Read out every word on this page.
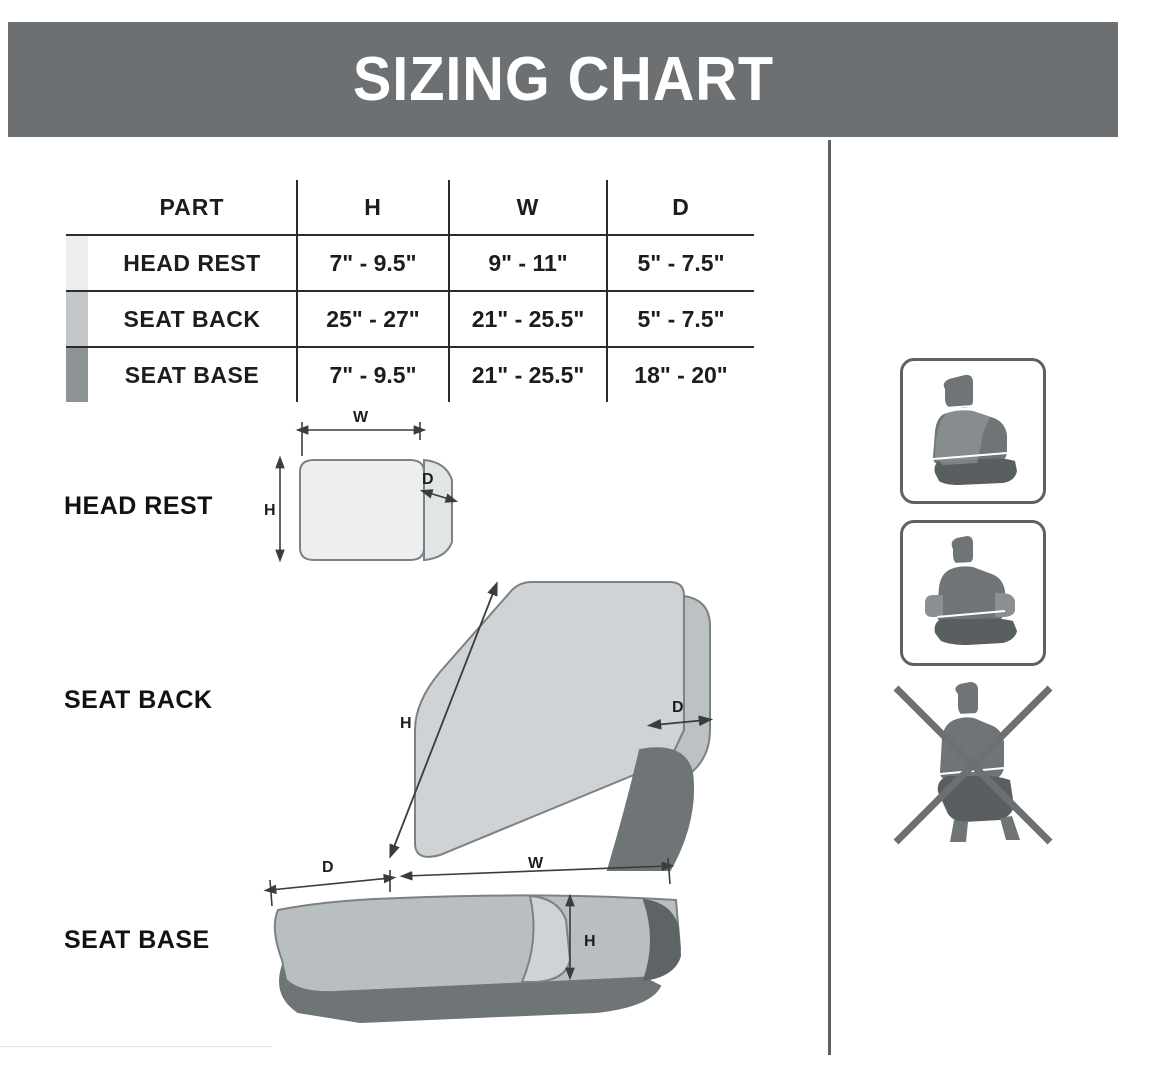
SIZING CHART
	PART	H	W	D

	HEAD REST	7" - 9.5"	9" - 11"	5" - 7.5"

	SEAT BACK	25" - 27"	21" - 25.5"	5" - 7.5"

	SEAT BASE	7" - 9.5"	21" - 25.5"	18" - 20"
HEAD REST
SEAT BACK
SEAT BASE
W
H
D
H
D
D	W
H
